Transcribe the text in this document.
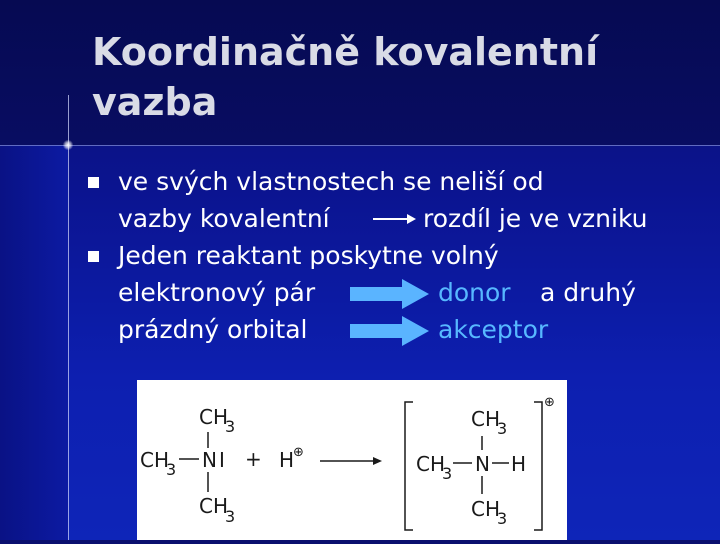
Koordinačně kovalentní vazba
ve svých vlastnostech se neliší od
vazby kovalentní	rozdíl je ve vzniku
Jeden reaktant poskytne volný
elektronový pár	donor a druhý
prázdný orbital	akceptor
CH
3
CH
3 N I
CH
3
+ H
⊕
⊕
CH
3
CH
3 N H
CH
3
